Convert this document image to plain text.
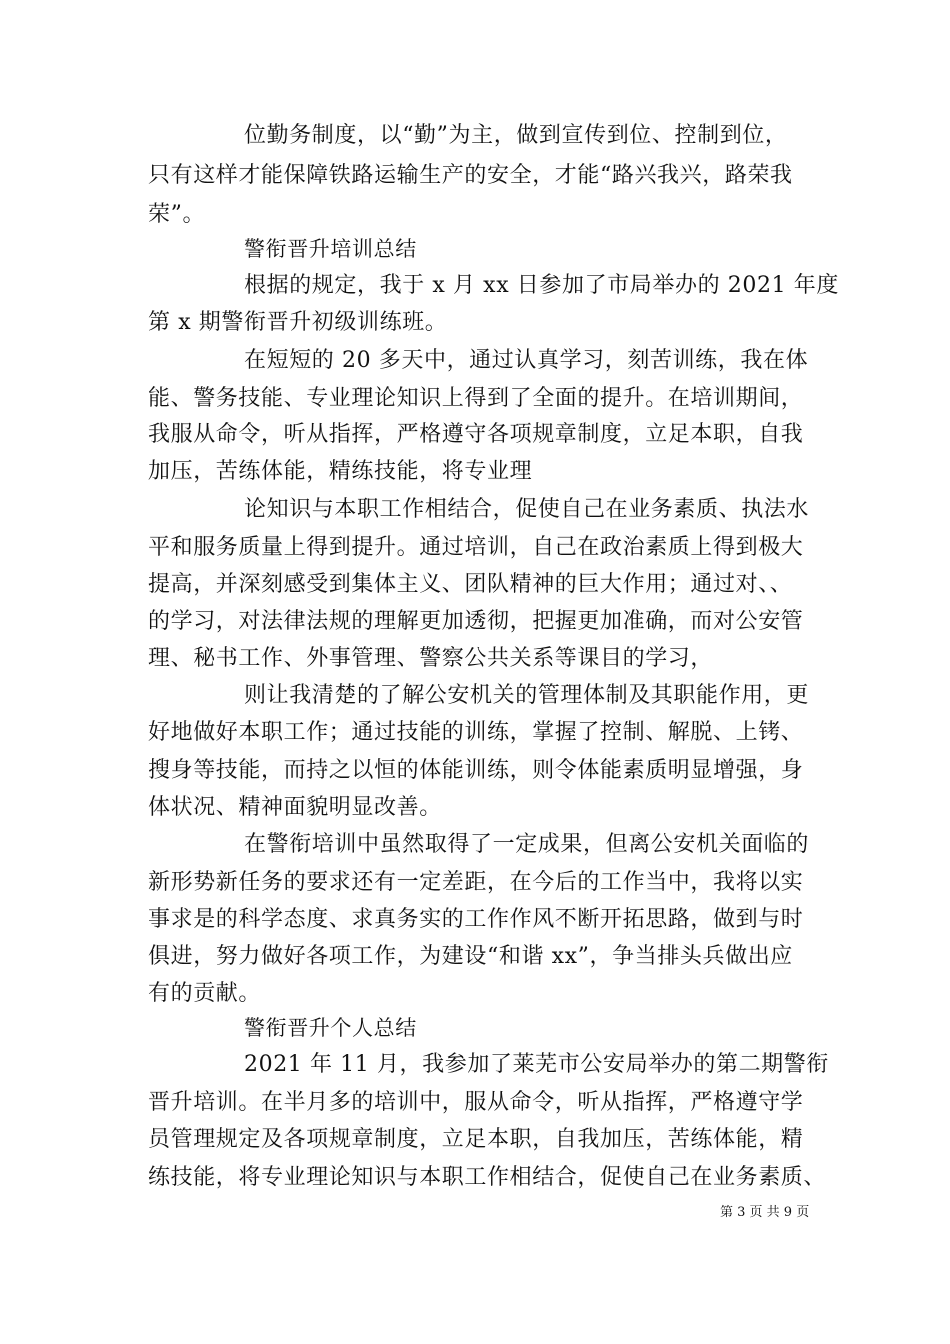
位勤务制度，以“勤”为主，做到宣传到位、控制到位，
只有这样才能保障铁路运输生产的安全，才能“路兴我兴，路荣我
荣”。
警衔晋升培训总结
根据的规定，我于 x 月 xx 日参加了市局举办的 2021 年度
第 x 期警衔晋升初级训练班。
在短短的 20 多天中，通过认真学习，刻苦训练，我在体
能、警务技能、专业理论知识上得到了全面的提升。在培训期间，
我服从命令，听从指挥，严格遵守各项规章制度，立足本职，自我
加压，苦练体能，精练技能，将专业理
论知识与本职工作相结合，促使自己在业务素质、执法水
平和服务质量上得到提升。通过培训，自己在政治素质上得到极大
提高，并深刻感受到集体主义、团队精神的巨大作用；通过对、、
的学习，对法律法规的理解更加透彻，把握更加准确，而对公安管
理、秘书工作、外事管理、警察公共关系等课目的学习，
则让我清楚的了解公安机关的管理体制及其职能作用，更
好地做好本职工作；通过技能的训练，掌握了控制、解脱、上铐、
搜身等技能，而持之以恒的体能训练，则令体能素质明显增强，身
体状况、精神面貌明显改善。
在警衔培训中虽然取得了一定成果，但离公安机关面临的
新形势新任务的要求还有一定差距，在今后的工作当中，我将以实
事求是的科学态度、求真务实的工作作风不断开拓思路，做到与时
俱进，努力做好各项工作，为建设“和谐 xx”，争当排头兵做出应
有的贡献。
警衔晋升个人总结
2021 年 11 月，我参加了莱芜市公安局举办的第二期警衔
晋升培训。在半月多的培训中，服从命令，听从指挥，严格遵守学
员管理规定及各项规章制度，立足本职，自我加压，苦练体能，精
练技能，将专业理论知识与本职工作相结合，促使自己在业务素质、
第 3 页 共 9 页
